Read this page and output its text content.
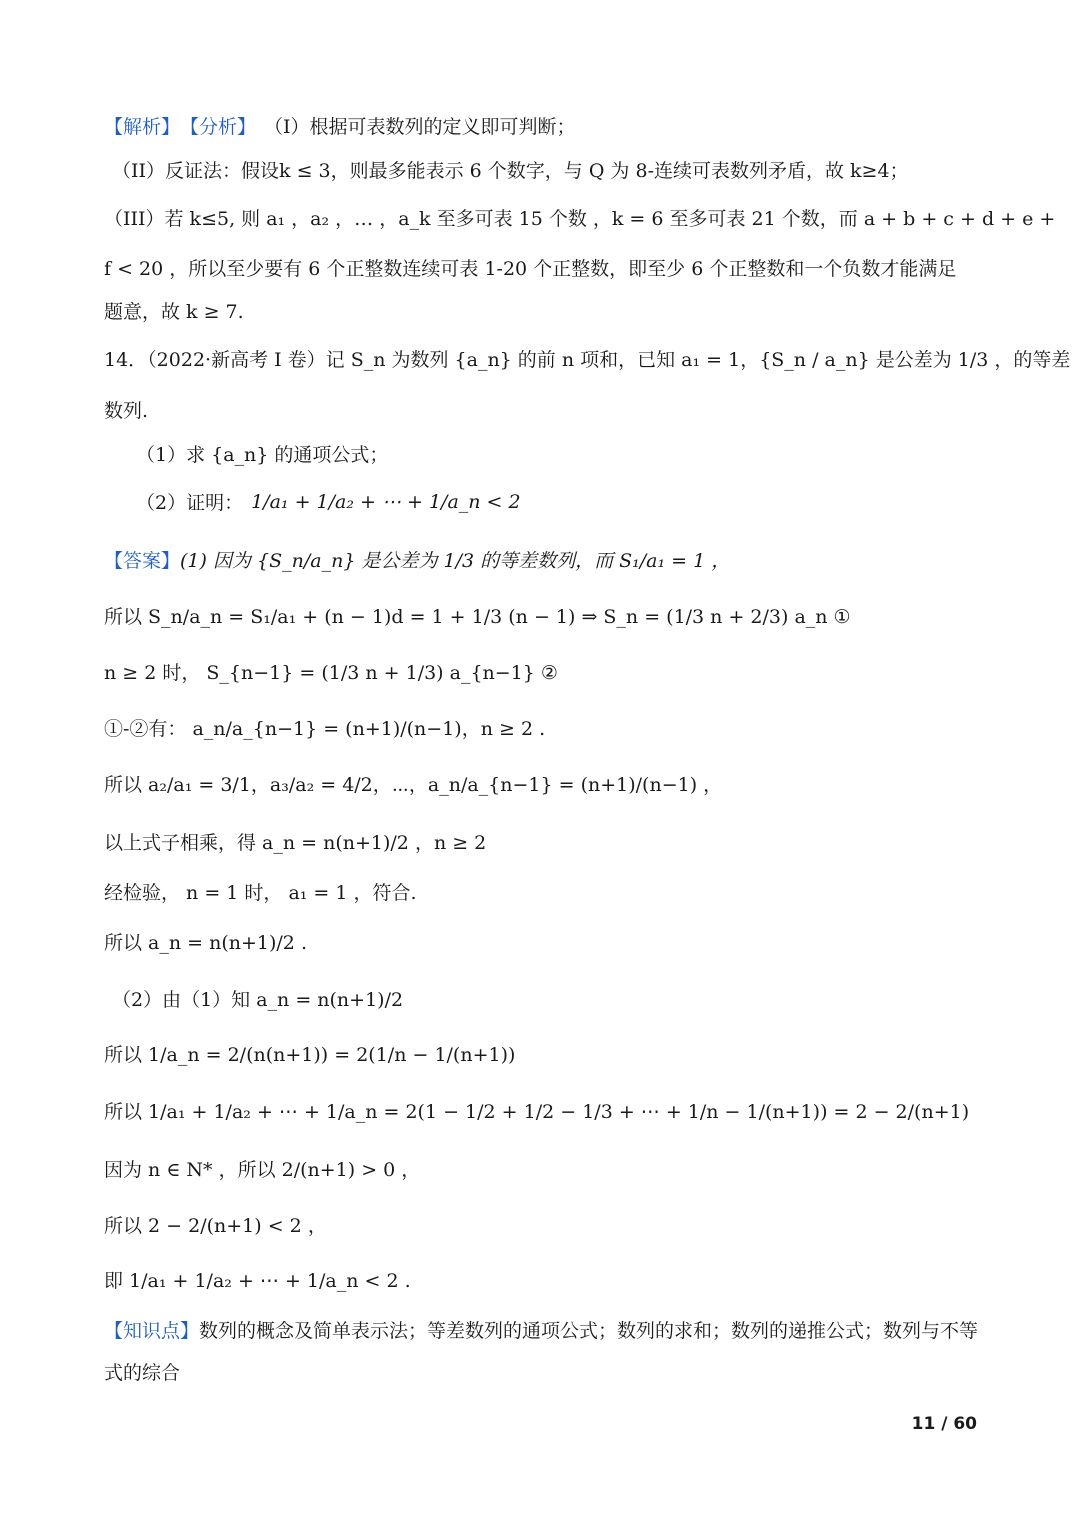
【解析】 【分析】 （I）根据可表数列的定义即可判断；
（II）反证法：假设k ≤ 3，则最多能表示 6 个数字，与 Q 为 8-连续可表数列矛盾，故 k≥4；
（III）若 k≤5, 则 a₁ ，a₂ ，… ，a_k 至多可表 15 个数 ，k = 6 至多可表 21 个数，而 a + b + c + d + e +
f < 20 ，所以至少要有 6 个正整数连续可表 1-20 个正整数，即至少 6 个正整数和一个负数才能满足
题意，故 k ≥ 7.
14．（2022·新高考 Ⅰ 卷）记 S_n 为数列 {a_n} 的前 n 项和，已知 a₁ = 1，{S_n / a_n} 是公差为 1/3 ，的等差
数列.
（1）求 {a_n} 的通项公式；
（2）证明： 1/a₁ + 1/a₂ + ⋯ + 1/a_n < 2
【答案】 (1) 因为 {S_n/a_n} 是公差为 1/3 的等差数列，而 S₁/a₁ = 1 ，
所以 S_n/a_n = S₁/a₁ + (n − 1)d = 1 + 1/3 (n − 1) ⇒ S_n = (1/3 n + 2/3) a_n ①
n ≥ 2 时， S_{n−1} = (1/3 n + 1/3) a_{n−1} ②
①-②有： a_n/a_{n−1} = (n+1)/(n−1)，n ≥ 2 .
所以 a₂/a₁ = 3/1，a₃/a₂ = 4/2，⋯，a_n/a_{n−1} = (n+1)/(n−1) ，
以上式子相乘，得 a_n = n(n+1)/2 ，n ≥ 2
经检验， n = 1 时， a₁ = 1 ，符合.
所以 a_n = n(n+1)/2 .
（2）由（1）知 a_n = n(n+1)/2
所以 1/a_n = 2/(n(n+1)) = 2(1/n − 1/(n+1))
所以 1/a₁ + 1/a₂ + ⋯ + 1/a_n = 2(1 − 1/2 + 1/2 − 1/3 + ⋯ + 1/n − 1/(n+1)) = 2 − 2/(n+1)
因为 n ∈ N* ，所以 2/(n+1) > 0 ，
所以 2 − 2/(n+1) < 2 ，
即 1/a₁ + 1/a₂ + ⋯ + 1/a_n < 2 .
【知识点】 数列的概念及简单表示法；等差数列的通项公式；数列的求和；数列的递推公式；数列与不等
式的综合
11 / 60
